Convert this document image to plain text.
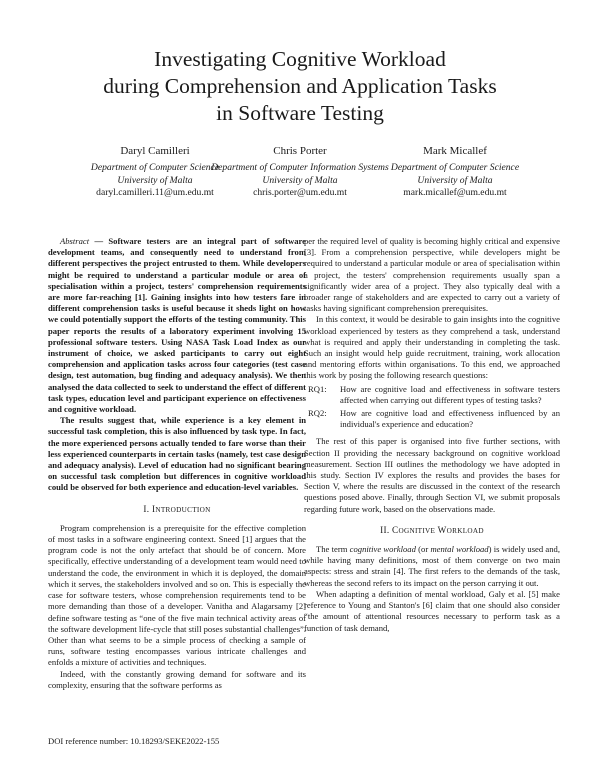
Investigating Cognitive Workload
during Comprehension and Application Tasks
in Software Testing
Daryl Camilleri
Department of Computer Science
University of Malta
daryl.camilleri.11@um.edu.mt
Chris Porter
Department of Computer Information Systems
University of Malta
chris.porter@um.edu.mt
Mark Micallef
Department of Computer Science
University of Malta
mark.micallef@um.edu.mt

Abstract — Software testers are an integral part of software development teams, and consequently need to understand from different perspectives the project entrusted to them. While developers might be required to understand a particular module or area of specialisation within a project, testers' comprehension requirements are more far-reaching [1]. Gaining insights into how testers fare in different comprehension tasks is useful because it sheds light on how we could potentially support the efforts of the testing community. This paper reports the results of a laboratory experiment involving 15 professional software testers. Using NASA Task Load Index as our instrument of choice, we asked participants to carry out eight comprehension and application tasks across four categories (test case design, test automation, bug finding and adequacy analysis). We then analysed the data collected to seek to understand the effect of different task types, education level and participant experience on effectiveness and cognitive workload.

The results suggest that, while experience is a key element in successful task completion, this is also influenced by task type. In fact, the more experienced persons actually tended to fare worse than their less experienced counterparts in certain tasks (namely, test case design and adequacy analysis). Level of education had no significant bearing on successful task completion but differences in cognitive workload could be observed for both experience and education-level variables.

I. INTRODUCTION

Program comprehension is a prerequisite for the effective completion of most tasks in a software engineering context. Sneed [1] argues that the program code is not the only artefact that should be of concern. More specifically, effective understanding of a development team would need to understand the code, the environment in which it is deployed, the domain which it serves, the stakeholders involved and so on. This is especially the case for software testers, whose comprehension requirements tend to be more demanding than those of a developer. Vanitha and Alagarsamy [2] define software testing as “one of the five main technical activity areas of the software development life-cycle that still poses substantial challenges”. Other than what seems to be a simple process of checking a sample of runs, software testing encompasses various intricate challenges and enfolds a mixture of activities and techniques.

Indeed, with the constantly growing demand for software and its complexity, ensuring that the software performs as

per the required level of quality is becoming highly critical and expensive [3]. From a comprehension perspective, while developers might be required to understand a particular module or area of specialisation within a project, the testers' comprehension requirements usually span a significantly wider area of a project. They also typically deal with a broader range of stakeholders and are expected to carry out a variety of tasks having significant comprehension prerequisites.

In this context, it would be desirable to gain insights into the cognitive workload experienced by testers as they comprehend a task, understand what is required and apply their understanding in completing the task. Such an insight would help guide recruitment, training, work allocation and mentoring efforts within organisations. To this end, we approached this work by posing the following research questions:

RQ1:	How are cognitive load and effectiveness in software testers affected when carrying out different types of testing tasks?
RQ2:	How are cognitive load and effectiveness influenced by an individual's experience and education?

The rest of this paper is organised into five further sections, with Section II providing the necessary background on cognitive workload measurement. Section III outlines the methodology we have adopted in this study. Section IV explores the results and provides the bases for Section V, where the results are discussed in the context of the research questions posed above. Finally, through Section VI, we submit proposals regarding future work, based on the observations made.

II. COGNITIVE WORKLOAD

The term cognitive workload (or mental workload) is widely used and, while having many definitions, most of them converge on two main aspects: stress and strain [4]. The first refers to the demands of the task, whereas the second refers to its impact on the person carrying it out.

When adapting a definition of mental workload, Galy et al. [5] make reference to Young and Stanton's [6] claim that one should also consider “the amount of attentional resources necessary to perform task as a function of task demand,

DOI reference number: 10.18293/SEKE2022-155
